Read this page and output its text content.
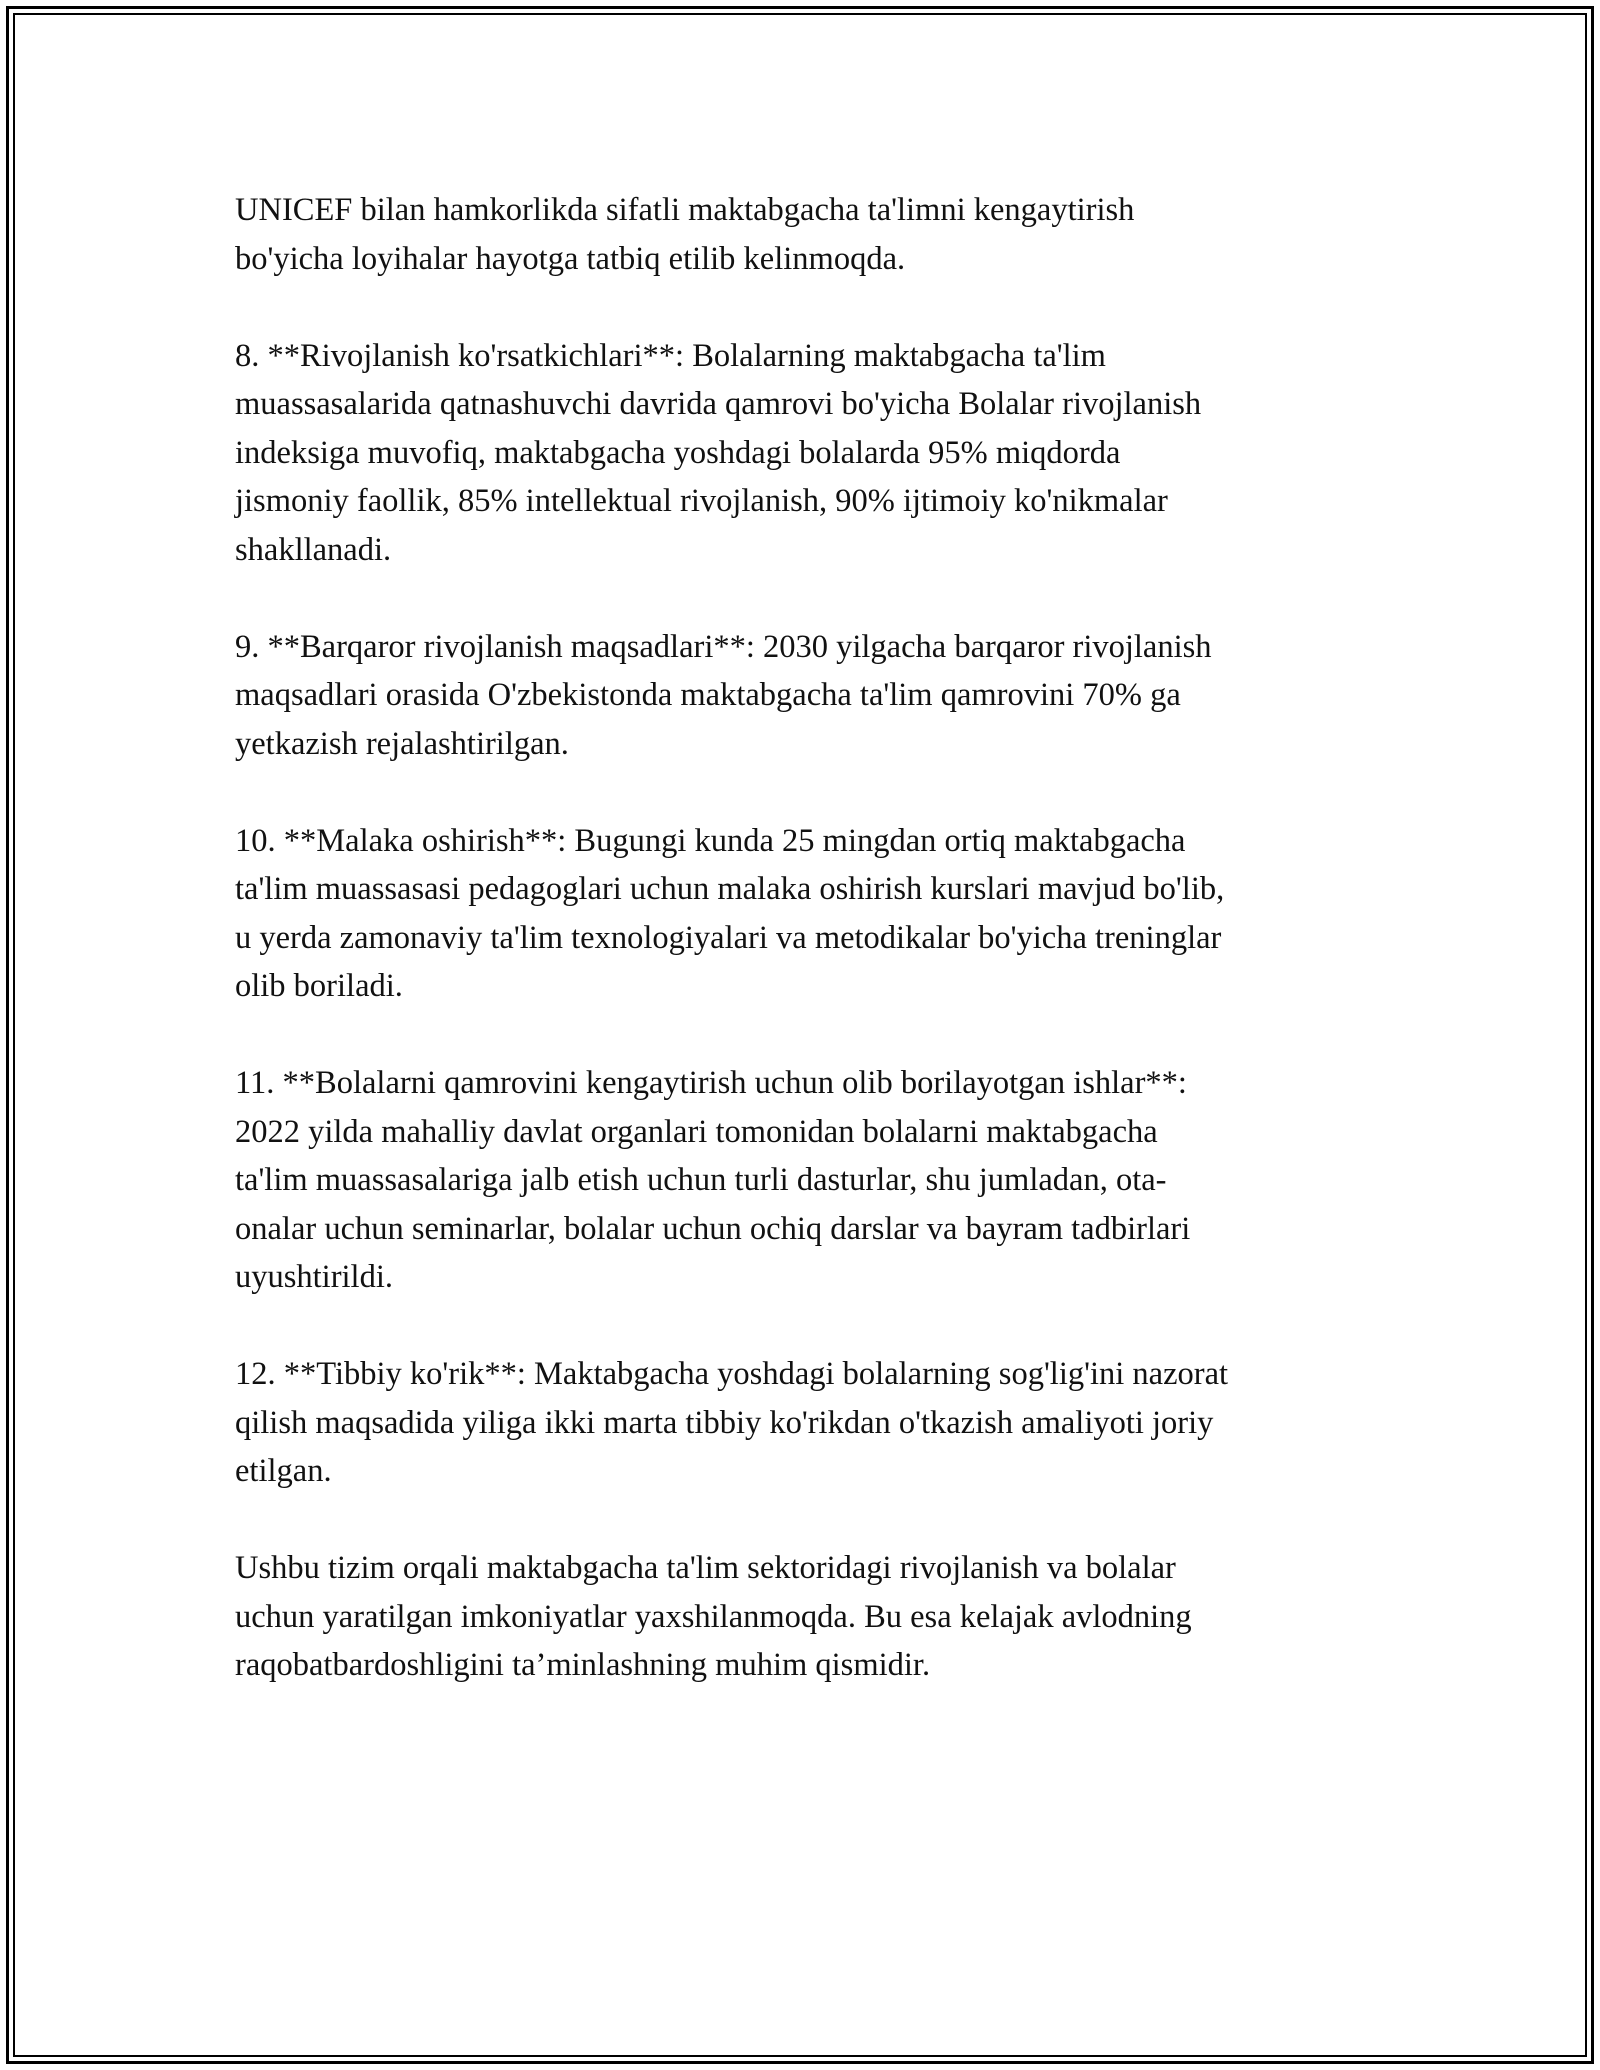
UNICEF bilan hamkorlikda sifatli maktabgacha ta'limni kengaytirish
bo'yicha loyihalar hayotga tatbiq etilib kelinmoqda.

8. **Rivojlanish ko'rsatkichlari**: Bolalarning maktabgacha ta'lim
muassasalarida qatnashuvchi davrida qamrovi bo'yicha Bolalar rivojlanish
indeksiga muvofiq, maktabgacha yoshdagi bolalarda 95% miqdorda
jismoniy faollik, 85% intellektual rivojlanish, 90% ijtimoiy ko'nikmalar
shakllanadi.

9. **Barqaror rivojlanish maqsadlari**: 2030 yilgacha barqaror rivojlanish
maqsadlari orasida O'zbekistonda maktabgacha ta'lim qamrovini 70% ga
yetkazish rejalashtirilgan.

10. **Malaka oshirish**: Bugungi kunda 25 mingdan ortiq maktabgacha
ta'lim muassasasi pedagoglari uchun malaka oshirish kurslari mavjud bo'lib,
u yerda zamonaviy ta'lim texnologiyalari va metodikalar bo'yicha treninglar
olib boriladi.

11. **Bolalarni qamrovini kengaytirish uchun olib borilayotgan ishlar**:
2022 yilda mahalliy davlat organlari tomonidan bolalarni maktabgacha
ta'lim muassasalariga jalb etish uchun turli dasturlar, shu jumladan, ota-
onalar uchun seminarlar, bolalar uchun ochiq darslar va bayram tadbirlari
uyushtirildi.

12. **Tibbiy ko'rik**: Maktabgacha yoshdagi bolalarning sog'lig'ini nazorat
qilish maqsadida yiliga ikki marta tibbiy ko'rikdan o'tkazish amaliyoti joriy
etilgan.

Ushbu tizim orqali maktabgacha ta'lim sektoridagi rivojlanish va bolalar
uchun yaratilgan imkoniyatlar yaxshilanmoqda. Bu esa kelajak avlodning
raqobatbardoshligini ta’minlashning muhim qismidir.
